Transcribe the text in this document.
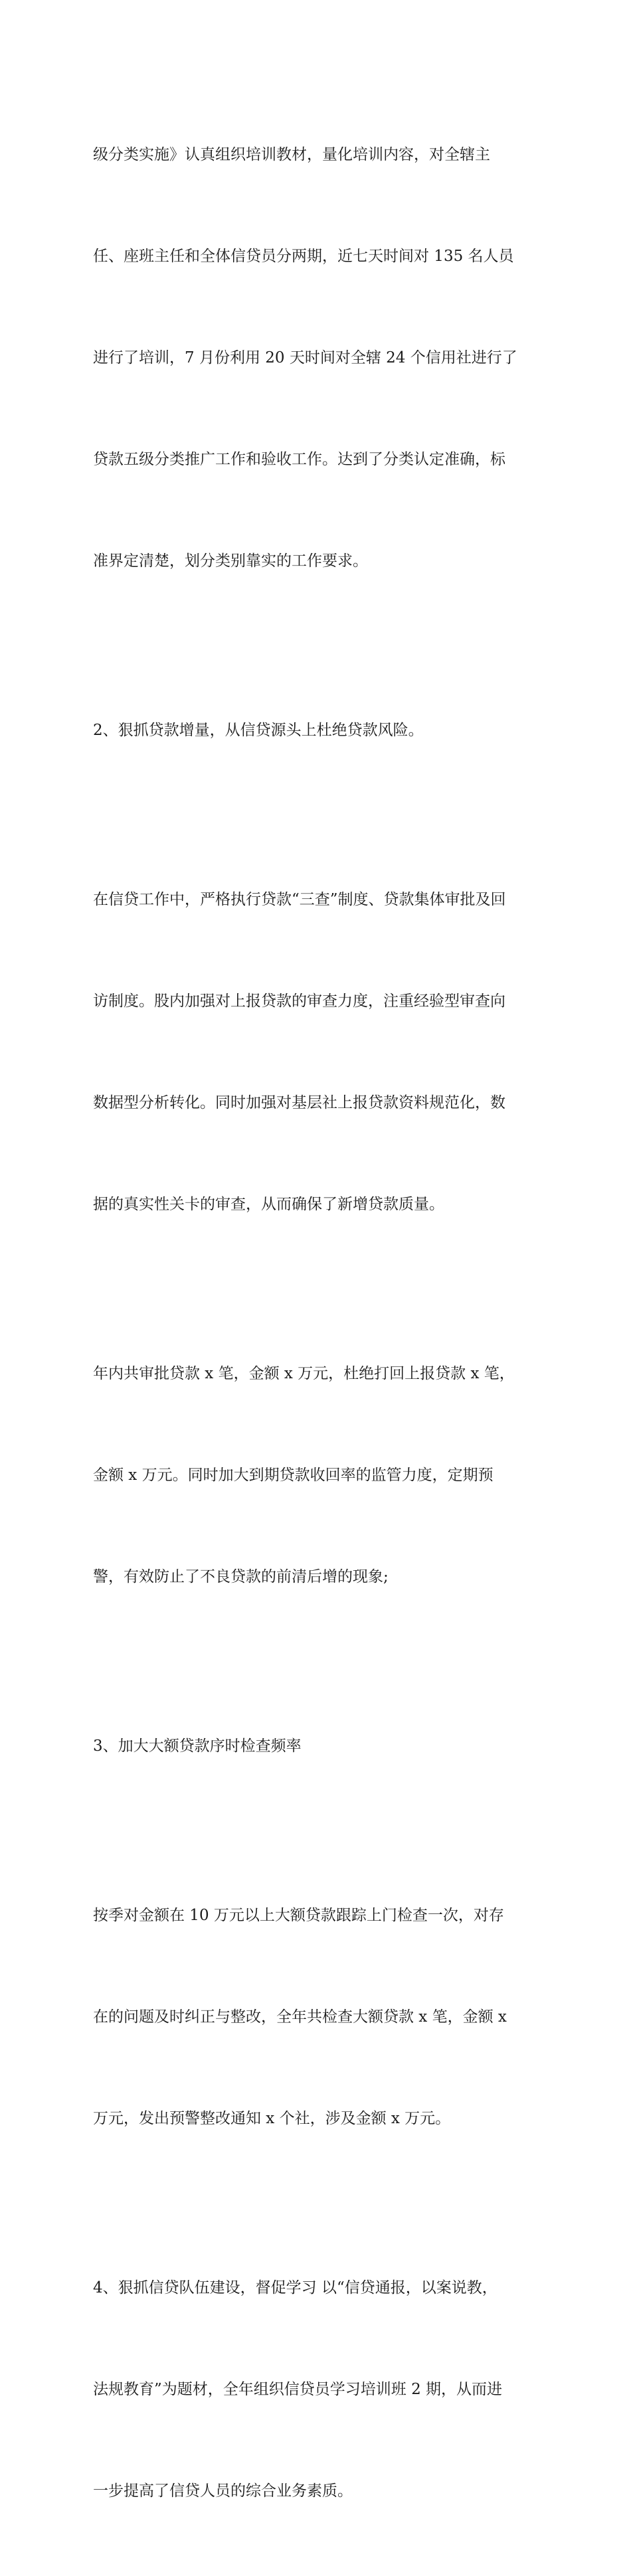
级分类实施》认真组织培训教材，量化培训内容，对全辖主

任、座班主任和全体信贷员分两期，近七天时间对 135 名人员

进行了培训，7 月份利用 20 天时间对全辖 24 个信用社进行了

贷款五级分类推广工作和验收工作。达到了分类认定准确，标

准界定清楚，划分类别靠实的工作要求。

2、狠抓贷款增量，从信贷源头上杜绝贷款风险。

在信贷工作中，严格执行贷款“三查”制度、贷款集体审批及回

访制度。股内加强对上报贷款的审查力度，注重经验型审查向

数据型分析转化。同时加强对基层社上报贷款资料规范化，数

据的真实性关卡的审查，从而确保了新增贷款质量。

年内共审批贷款 x 笔，金额 x 万元，杜绝打回上报贷款 x 笔，

金额 x 万元。同时加大到期贷款收回率的监管力度，定期预

警，有效防止了不良贷款的前清后增的现象;

3、加大大额贷款序时检查频率

按季对金额在 10 万元以上大额贷款跟踪上门检查一次，对存

在的问题及时纠正与整改，全年共检查大额贷款 x 笔，金额 x

万元，发出预警整改通知 x 个社，涉及金额 x 万元。

4、狠抓信贷队伍建设，督促学习 以“信贷通报，以案说教，

法规教育”为题材，全年组织信贷员学习培训班 2 期，从而进

一步提高了信贷人员的综合业务素质。
